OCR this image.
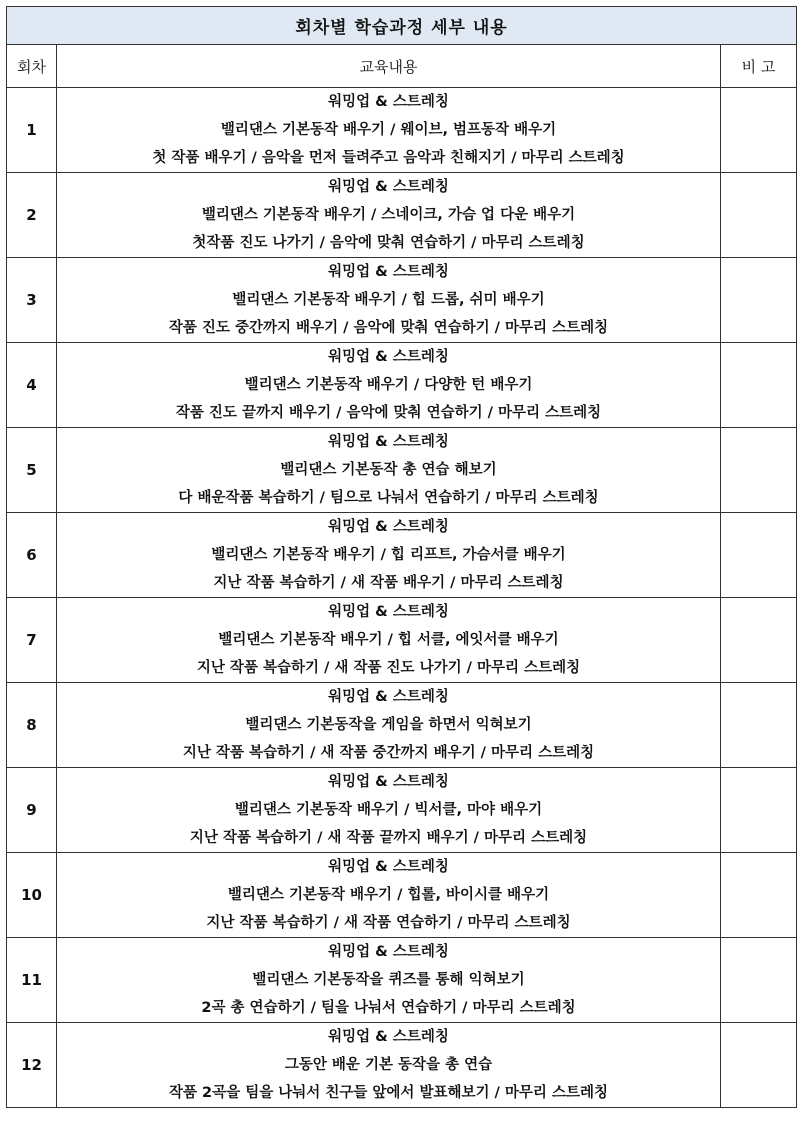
회차별 학습과정 세부 내용		
회차	교육내용	비 고
1	워밍업 & 스트레칭
밸리댄스 기본동작 배우기 / 웨이브, 범프동작 배우기
첫 작품 배우기 / 음악을 먼저 들려주고 음악과 친해지기 / 마무리 스트레칭	

2	워밍업 & 스트레칭
밸리댄스 기본동작 배우기 / 스네이크, 가슴 업 다운 배우기
첫작품 진도 나가기 / 음악에 맞춰 연습하기 / 마무리 스트레칭	

3	워밍업 & 스트레칭
밸리댄스 기본동작 배우기 / 힙 드롭, 쉬미 배우기
작품 진도 중간까지 배우기 / 음악에 맞춰 연습하기 / 마무리 스트레칭	

4	워밍업 & 스트레칭
밸리댄스 기본동작 배우기 / 다양한 턴 배우기
작품 진도 끝까지 배우기 / 음악에 맞춰 연습하기 / 마무리 스트레칭	

5	워밍업 & 스트레칭
밸리댄스 기본동작 총 연습 해보기
다 배운작품 복습하기 / 팀으로 나눠서 연습하기 / 마무리 스트레칭	

6	워밍업 & 스트레칭
밸리댄스 기본동작 배우기 / 힙 리프트, 가슴서클 배우기
지난 작품 복습하기 / 새 작품 배우기 / 마무리 스트레칭	

7	워밍업 & 스트레칭
밸리댄스 기본동작 배우기 / 힙 서클, 에잇서클 배우기
지난 작품 복습하기 / 새 작품 진도 나가기 / 마무리 스트레칭	

8	워밍업 & 스트레칭
밸리댄스 기본동작을 게임을 하면서 익혀보기
지난 작품 복습하기 / 새 작품 중간까지 배우기 / 마무리 스트레칭	

9	워밍업 & 스트레칭
밸리댄스 기본동작 배우기 / 빅서클, 마야 배우기
지난 작품 복습하기 / 새 작품 끝까지 배우기 / 마무리 스트레칭	

10	워밍업 & 스트레칭
밸리댄스 기본동작 배우기 / 힙롤, 바이시클 배우기
지난 작품 복습하기 / 새 작품 연습하기 / 마무리 스트레칭	

11	워밍업 & 스트레칭
밸리댄스 기본동작을 퀴즈를 통해 익혀보기
2곡 총 연습하기 / 팀을 나눠서 연습하기 / 마무리 스트레칭	

12	워밍업 & 스트레칭
그동안 배운 기본 동작을 총 연습
작품 2곡을 팀을 나눠서 친구들 앞에서 발표해보기 / 마무리 스트레칭	
